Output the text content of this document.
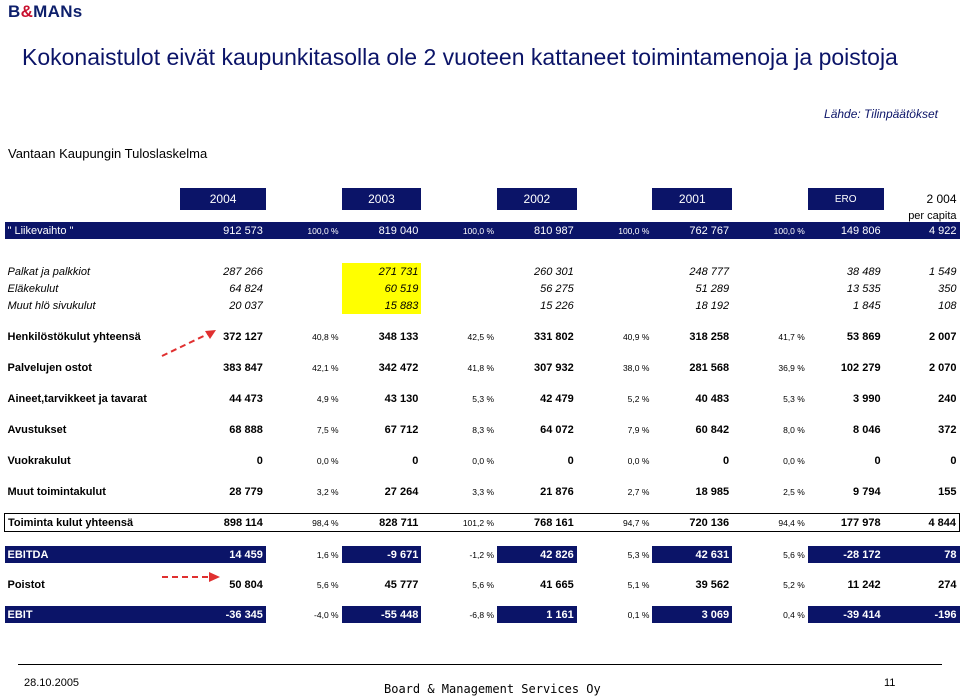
B&MANs
Kokonaistulot eivät kaupunkitasolla ole 2 vuoteen kattaneet toimintamenoja ja poistoja
Lähde: Tilinpäätökset
Vantaan Kaupungin Tuloslaskelma
	2004		2003		2002		2001		ERO	2 004
										per capita
" Liikevaihto "	912 573	100,0 %	819 040	100,0 %	810 987	100,0 %	762 767	100,0 %	149 806	4 922

Palkat ja palkkiot	287 266		271 731		260 301		248 777		38 489	1 549
Eläkekulut	64 824		60 519		56 275		51 289		13 535	350
Muut hlö sivukulut	20 037		15 883		15 226		18 192		1 845	108

Henkilöstökulut yhteensä	372 127	40,8 %	348 133	42,5 %	331 802	40,9 %	318 258	41,7 %	53 869	2 007

Palvelujen ostot	383 847	42,1 %	342 472	41,8 %	307 932	38,0 %	281 568	36,9 %	102 279	2 070

Aineet,tarvikkeet ja tavarat	44 473	4,9 %	43 130	5,3 %	42 479	5,2 %	40 483	5,3 %	3 990	240

Avustukset	68 888	7,5 %	67 712	8,3 %	64 072	7,9 %	60 842	8,0 %	8 046	372

Vuokrakulut	0	0,0 %	0	0,0 %	0	0,0 %	0	0,0 %	0	0

Muut toimintakulut	28 779	3,2 %	27 264	3,3 %	21 876	2,7 %	18 985	2,5 %	9 794	155

Toiminta kulut yhteensä	898 114	98,4 %	828 711	101,2 %	768 161	94,7 %	720 136	94,4 %	177 978	4 844

EBITDA	14 459	1,6 %	-9 671	-1,2 %	42 826	5,3 %	42 631	5,6 %	-28 172	78

Poistot	50 804	5,6 %	45 777	5,6 %	41 665	5,1 %	39 562	5,2 %	11 242	274

EBIT	-36 345	-4,0 %	-55 448	-6,8 %	1 161	0,1 %	3 069	0,4 %	-39 414	-196
28.10.2005	Board & Management Services Oy	11
